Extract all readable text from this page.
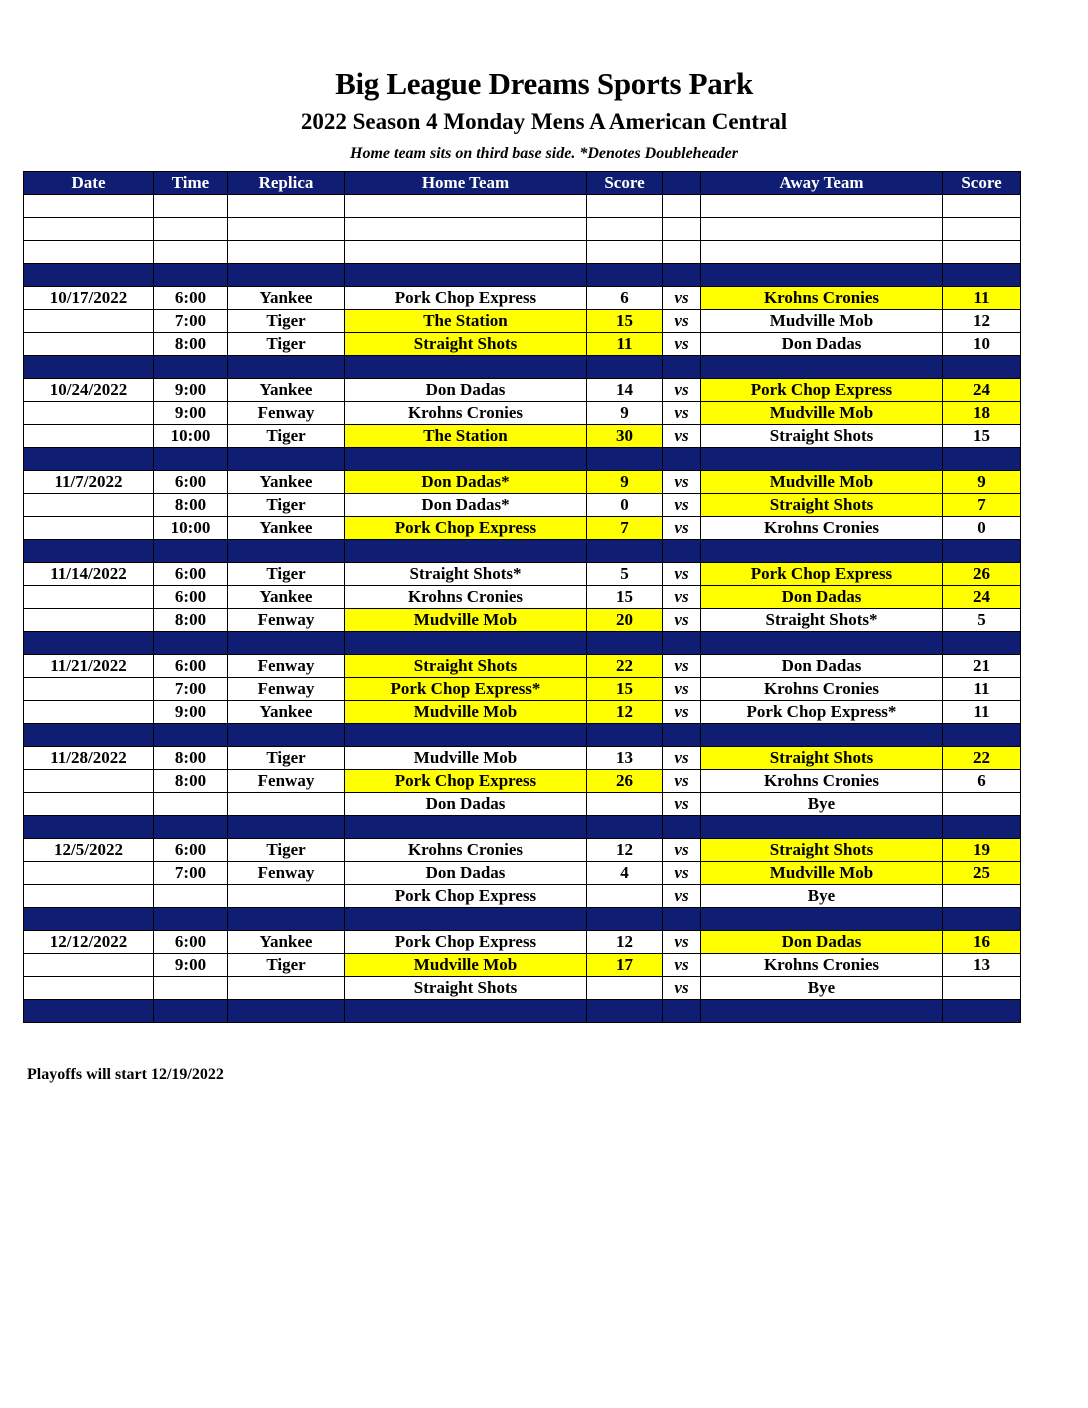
Big League Dreams Sports Park
2022 Season 4 Monday Mens A American Central
Home team sits on third base side. *Denotes Doubleheader
Date	Time	Replica	Home Team	Score		Away Team	Score

10/17/2022	6:00	Yankee	Pork Chop Express	6	vs	Krohns Cronies	11
	7:00	Tiger	The Station	15	vs	Mudville Mob	12
	8:00	Tiger	Straight Shots	11	vs	Don Dadas	10

10/24/2022	9:00	Yankee	Don Dadas	14	vs	Pork Chop Express	24
	9:00	Fenway	Krohns Cronies	9	vs	Mudville Mob	18
	10:00	Tiger	The Station	30	vs	Straight Shots	15

11/7/2022	6:00	Yankee	Don Dadas*	9	vs	Mudville Mob	9
	8:00	Tiger	Don Dadas*	0	vs	Straight Shots	7
	10:00	Yankee	Pork Chop Express	7	vs	Krohns Cronies	0

11/14/2022	6:00	Tiger	Straight Shots*	5	vs	Pork Chop Express	26
	6:00	Yankee	Krohns Cronies	15	vs	Don Dadas	24
	8:00	Fenway	Mudville Mob	20	vs	Straight Shots*	5

11/21/2022	6:00	Fenway	Straight Shots	22	vs	Don Dadas	21
	7:00	Fenway	Pork Chop Express*	15	vs	Krohns Cronies	11
	9:00	Yankee	Mudville Mob	12	vs	Pork Chop Express*	11

11/28/2022	8:00	Tiger	Mudville Mob	13	vs	Straight Shots	22
	8:00	Fenway	Pork Chop Express	26	vs	Krohns Cronies	6
			Don Dadas		vs	Bye	

12/5/2022	6:00	Tiger	Krohns Cronies	12	vs	Straight Shots	19
	7:00	Fenway	Don Dadas	4	vs	Mudville Mob	25
			Pork Chop Express		vs	Bye	

12/12/2022	6:00	Yankee	Pork Chop Express	12	vs	Don Dadas	16
	9:00	Tiger	Mudville Mob	17	vs	Krohns Cronies	13
			Straight Shots		vs	Bye	

Playoffs will start 12/19/2022
